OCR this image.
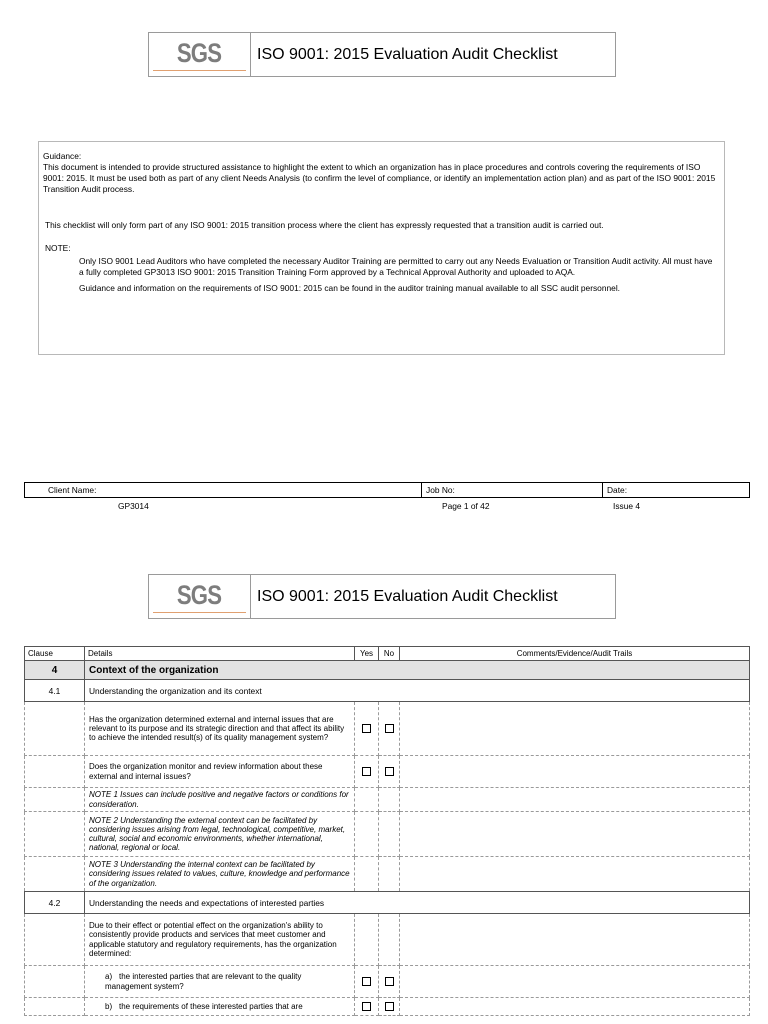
SGS	ISO 9001: 2015 Evaluation Audit Checklist

Guidance:

This document is intended to provide structured assistance to highlight the extent to which an organization has in place procedures and controls covering the requirements of ISO 9001: 2015. It must be used both as part of any client Needs Analysis (to confirm the level of compliance, or identify an implementation action plan) and as part of the ISO 9001: 2015 Transition Audit process.

This checklist will only form part of any ISO 9001: 2015 transition process where the client has expressly requested that a transition audit is carried out.

NOTE:

Only ISO 9001 Lead Auditors who have completed the necessary Auditor Training are permitted to carry out any Needs Evaluation or Transition Audit activity. All must have a fully completed GP3013 ISO 9001: 2015 Transition Training Form approved by a Technical Approval Authority and uploaded to AQA.

Guidance and information on the requirements of ISO 9001: 2015 can be found in the auditor training manual available to all SSC audit personnel.

Client Name:	Job No:	Date:
GP3014	Page 1 of 42	Issue 4
SGS	ISO 9001: 2015 Evaluation Audit Checklist
Clause	Details	Yes	No	Comments/Evidence/Audit Trails
4	Context of the organization			
4.1	Understanding the organization and its context			
	Has the organization determined external and internal issues that are relevant to its purpose and its strategic direction and that affect its ability to achieve the intended result(s) of its quality management system?			
	Does the organization monitor and review information about these external and internal issues?			
	NOTE 1 Issues can include positive and negative factors or conditions for consideration.			
	NOTE 2 Understanding the external context can be facilitated by considering issues arising from legal, technological, competitive, market, cultural, social and economic environments, whether international, national, regional or local.			
	NOTE 3 Understanding the internal context can be facilitated by considering issues related to values, culture, knowledge and performance of the organization.			
4.2	Understanding the needs and expectations of interested parties			
	Due to their effect or potential effect on the organization's ability to consistently provide products and services that meet customer and applicable statutory and regulatory requirements, has the organization determined:			
	a) the interested parties that are relevant to the quality management system?			
	b) the requirements of these interested parties that are			
